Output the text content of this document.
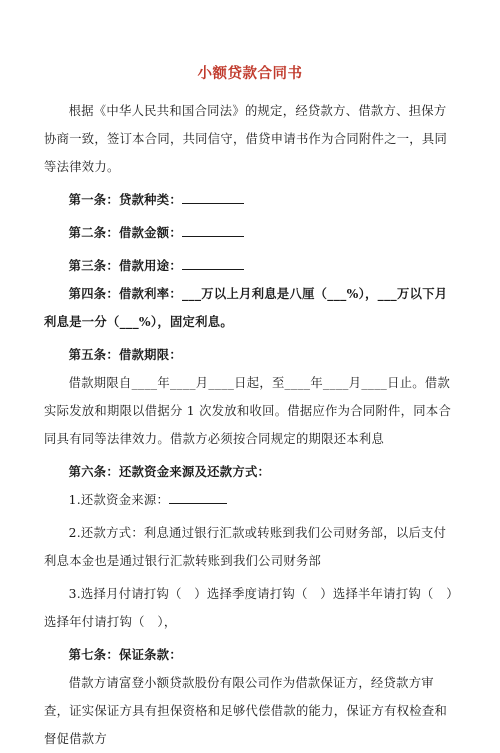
小额贷款合同书

根据《中华人民共和国合同法》的规定，经贷款方、借款方、担保方协商一致，签订本合同，共同信守，借贷申请书作为合同附件之一，具同等法律效力。

第一条：贷款种类：

第二条：借款金额：

第三条：借款用途：

第四条：借款利率：___万以上月利息是八厘（___%），___万以下月利息是一分（___%），固定利息。

第五条：借款期限：

借款期限自____年____月____日起，至____年____月____日止。借款实际发放和期限以借据分 1 次发放和收回。借据应作为合同附件，同本合同具有同等法律效力。借款方必须按合同规定的期限还本利息

第六条：还款资金来源及还款方式：

1.还款资金来源：

2.还款方式：利息通过银行汇款或转账到我们公司财务部，以后支付利息本金也是通过银行汇款转账到我们公司财务部

3.选择月付请打钩（　）选择季度请打钩（　）选择半年请打钩（　）选择年付请打钩（　），

第七条：保证条款：

借款方请富登小额贷款股份有限公司作为借款保证方，经贷款方审查，证实保证方具有担保资格和足够代偿借款的能力，保证方有权检查和督促借款方
